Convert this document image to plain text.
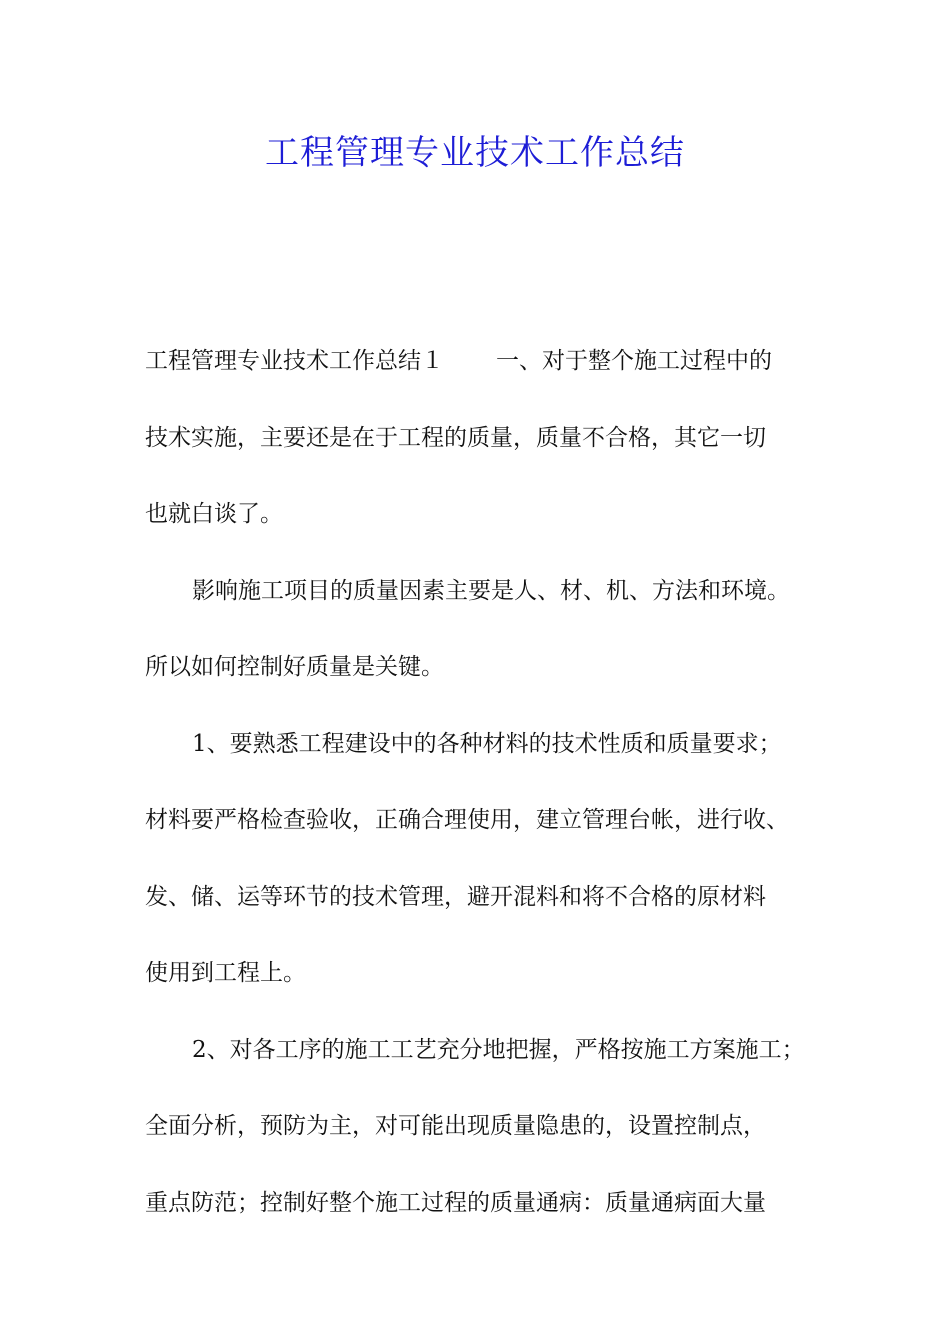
工程管理专业技术工作总结
工程管理专业技术工作总结１ 一、对于整个施工过程中的
技术实施，主要还是在于工程的质量，质量不合格，其它一切
也就白谈了。
影响施工项目的质量因素主要是人、材、机、方法和环境。
所以如何控制好质量是关键。
1、要熟悉工程建设中的各种材料的技术性质和质量要求；
材料要严格检查验收，正确合理使用，建立管理台帐，进行收、
发、储、运等环节的技术管理，避开混料和将不合格的原材料
使用到工程上。
2、对各工序的施工工艺充分地把握，严格按施工方案施工；
全面分析，预防为主，对可能出现质量隐患的，设置控制点，
重点防范；控制好整个施工过程的质量通病：质量通病面大量
